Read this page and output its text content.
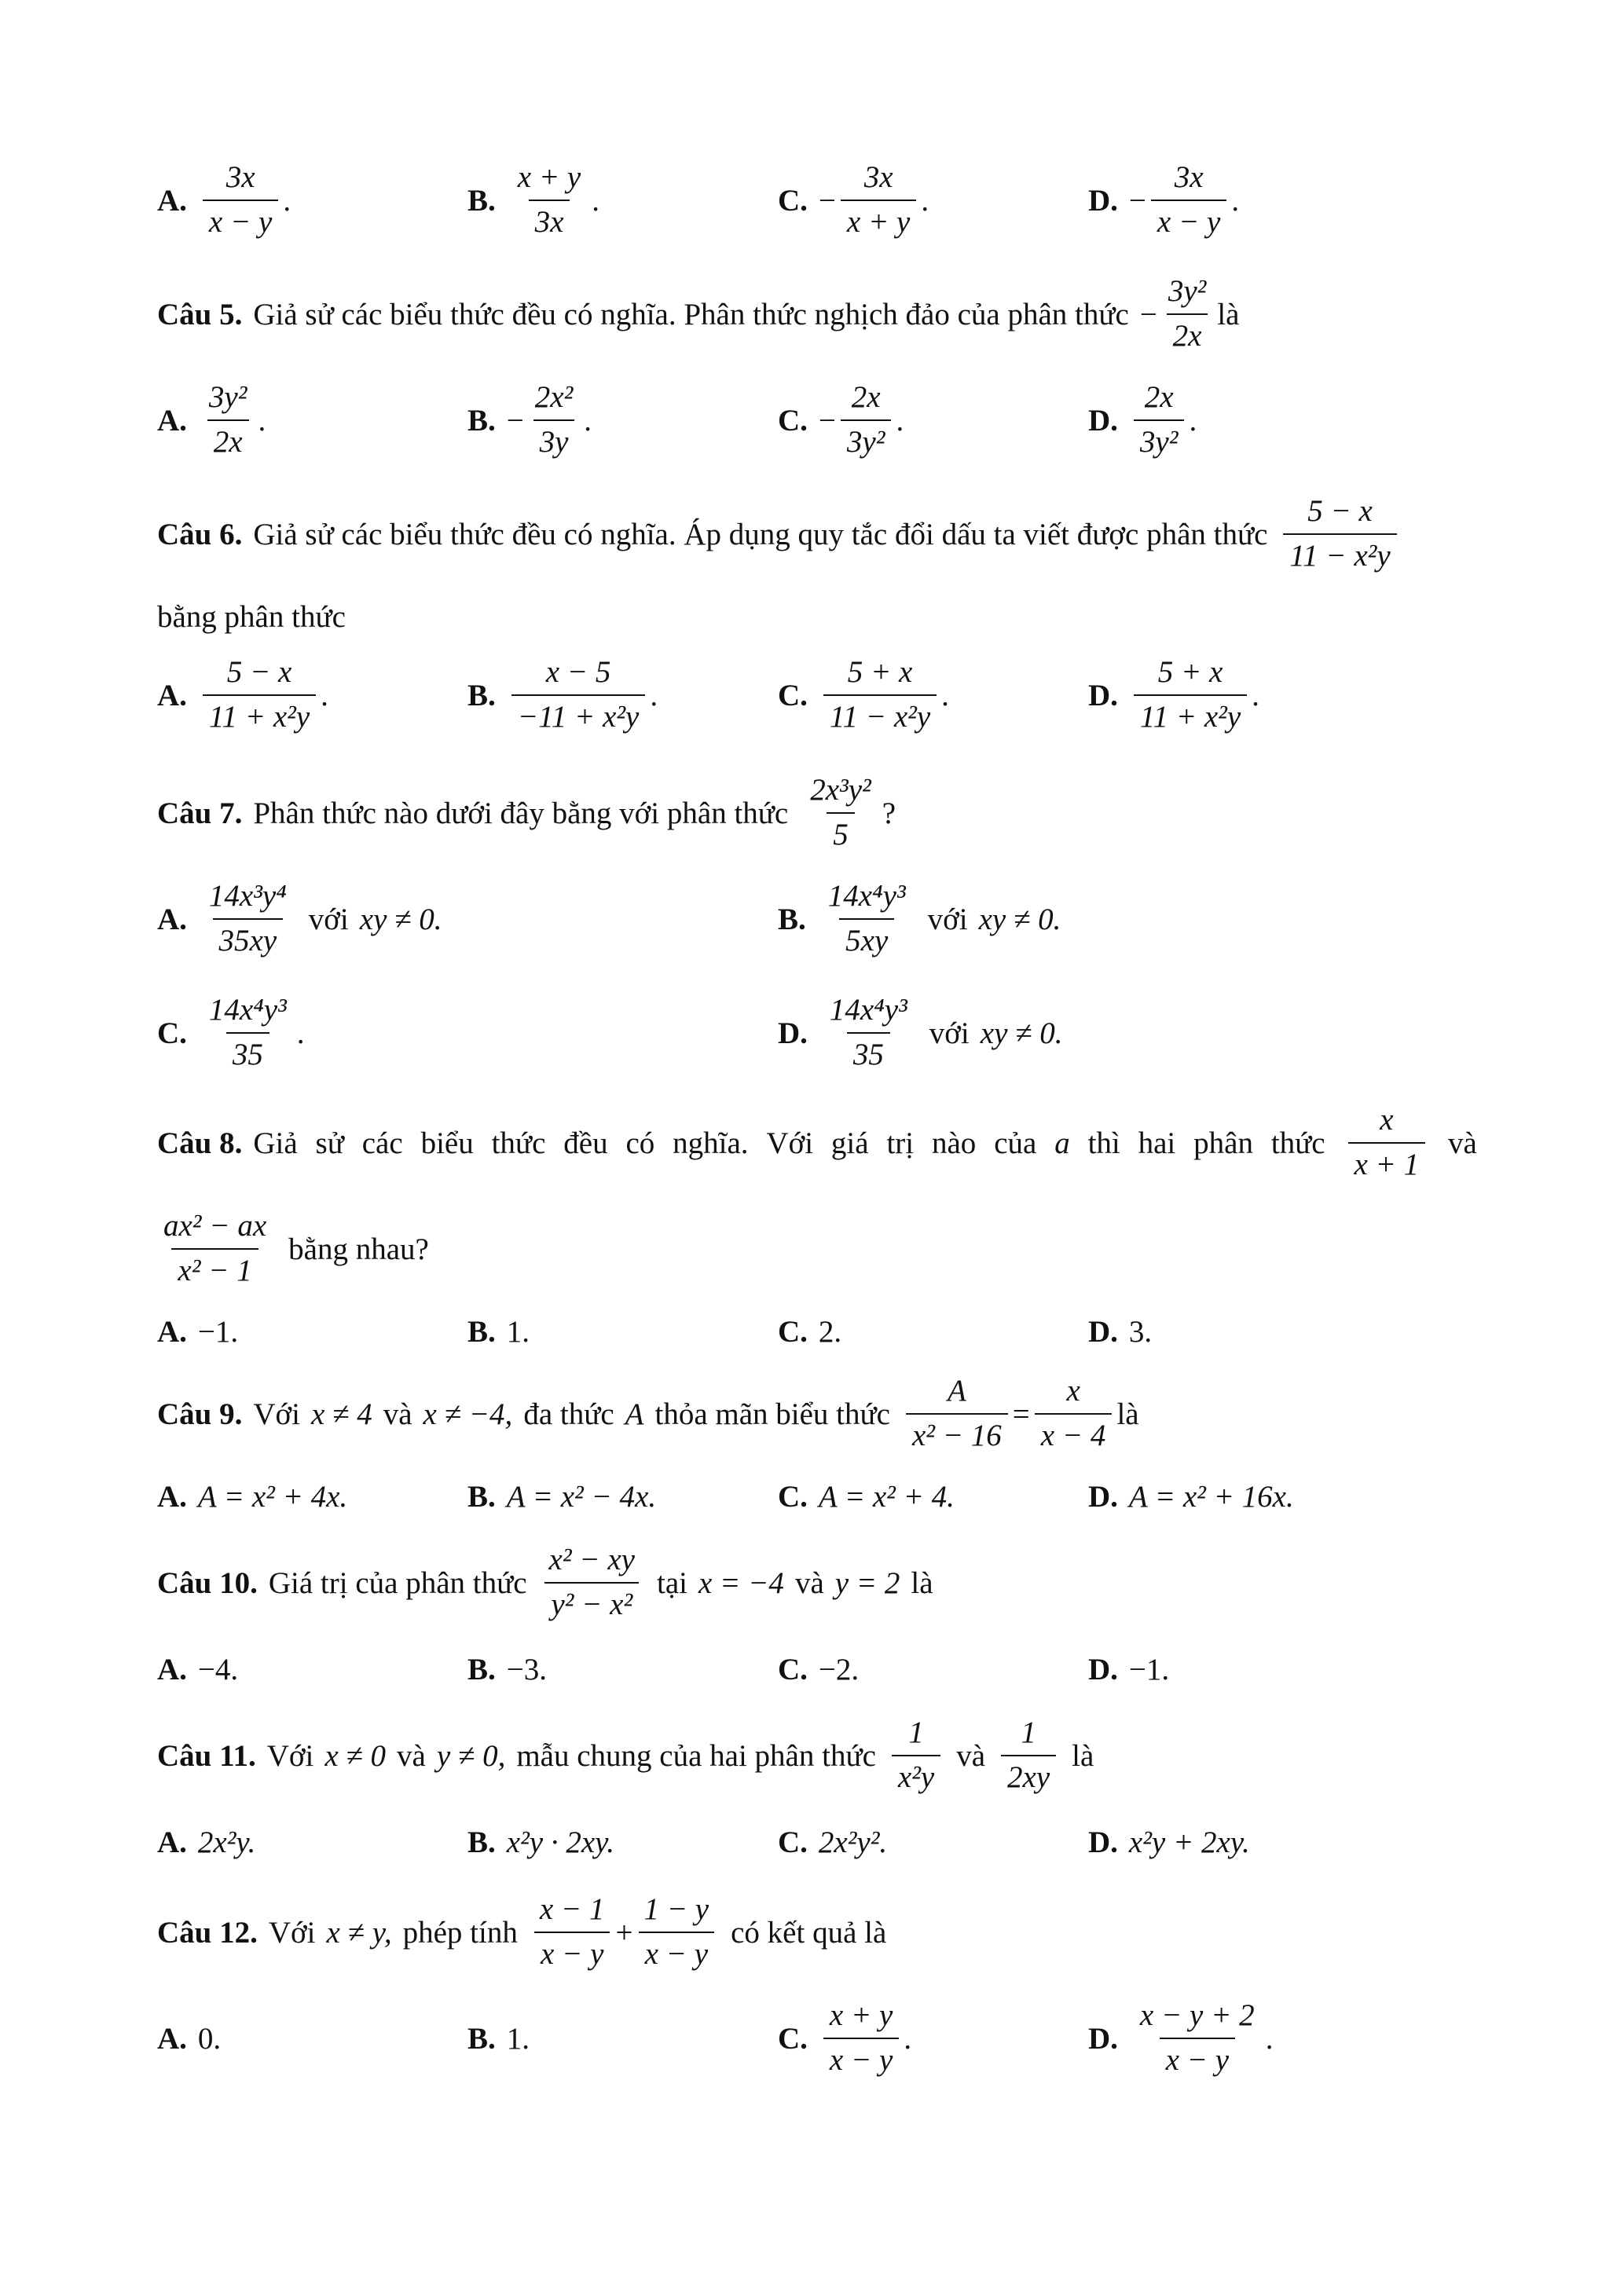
A. $\frac{3x}{x - y}$ .	B. $\frac{x + y}{3x}$ .	C. − $\frac{3x}{x + y}$ .	D. − $\frac{3x}{x - y}$ .
Câu 5. Giả sử các biểu thức đều có nghĩa. Phân thức nghịch đảo của phân thức − $\frac{\text{3y²}}{2x}$ là
A. $\frac{\text{3y²}}{2x}$ .	B. − $\frac{\text{2x²}}{3y}$ .	C. − $\frac{2x}{\text{3y²}}$ .	D. $\frac{2x}{\text{3y²}}$ .
Câu 6. Giả sử các biểu thức đều có nghĩa. Áp dụng quy tắc đổi dấu ta viết được phân thức $\frac{5 - x}{\text{11 − x²y}}$
bằng phân thức
A. $\frac{5 - x}{\text{11 + x²y}}$ .	B. $\frac{x - 5}{\text{−11 + x²y}}$ .	C. $\frac{5 + x}{\text{11 − x²y}}$ .	D. $\frac{5 + x}{\text{11 + x²y}}$ .
Câu 7. Phân thức nào dưới đây bằng với phân thức $\frac{\text{2x³y²}}{5}$ ?
A. $\frac{\text{14x³y⁴}}{35xy}$ với xy ≠ 0.	B. $\frac{\text{14x⁴y³}}{5xy}$ với xy ≠ 0.
C. $\frac{\text{14x⁴y³}}{35}$ .	D. $\frac{\text{14x⁴y³}}{35}$ với xy ≠ 0.
Câu 8. Giả sử các biểu thức đều có nghĩa. Với giá trị nào của a thì hai phân thức $\frac{x}{x + 1}$ và
$\frac{\text{ax² − ax}}{\text{x² − 1}}$ bằng nhau?
A. −1.	B. 1.	C. 2.	D. 3.
Câu 9. Với x ≠ 4 và x ≠ −4, đa thức A thỏa mãn biểu thức $\frac{A}{\text{x² − 16}} = \frac{x}{x - 4}$ là
A. A = x² + 4x.	B. A = x² − 4x.	C. A = x² + 4.	D. A = x² + 16x.
Câu 10. Giá trị của phân thức $\frac{\text{x² − xy}}{\text{y² − x²}}$ tại x = −4 và y = 2 là
A. −4.	B. −3.	C. −2.	D. −1.
Câu 11. Với x ≠ 0 và y ≠ 0, mẫu chung của hai phân thức $\frac{1}{\text{x²y}}$ và $\frac{1}{2xy}$ là
A. 2x²y.	B. x²y · 2xy.	C. 2x²y².	D. x²y + 2xy.
Câu 12. Với x ≠ y, phép tính $\frac{x - 1}{x - y} + \frac{1 - y}{x - y}$ có kết quả là
A. 0.	B. 1.	C. $\frac{x + y}{x - y}$ .	D. $\frac{x - y + 2}{x - y}$ .
